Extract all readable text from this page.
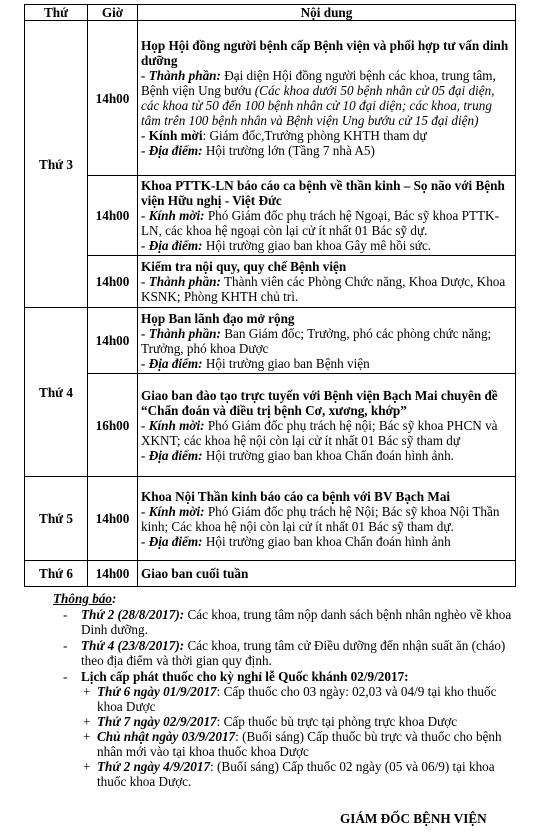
Thứ	Giờ	Nội dung
Thứ 3	14h00	Họp Hội đồng người bệnh cấp Bệnh viện và phối hợp tư vấn dinh dưỡng
- Thành phần: Đại diện Hội đồng người bệnh các khoa, trung tâm, Bệnh viện Ung bướu (Các khoa dưới 50 bệnh nhân cử 05 đại diện, các khoa từ 50 đến 100 bệnh nhân cử 10 đại diện; các khoa, trung tâm trên 100 bệnh nhân và Bệnh viện Ung bướu cử 15 đại diện)
- Kính mời: Giám đốc,Trưởng phòng KHTH tham dự
- Địa điểm: Hội trường lớn (Tầng 7 nhà A5)

	14h00	Khoa PTTK-LN báo cáo ca bệnh về thần kinh – Sọ não với Bệnh viện Hữu nghị - Việt Đức
- Kính mời: Phó Giám đốc phụ trách hệ Ngoại, Bác sỹ khoa PTTK-LN, các khoa hệ ngoại còn lại cử ít nhất 01 Bác sỹ dự.
- Địa điểm: Hội trường giao ban khoa Gây mê hồi sức.

	14h00	Kiểm tra nội quy, quy chế Bệnh viện
- Thành phần: Thành viên các Phòng Chức năng, Khoa Dược, Khoa KSNK; Phòng KHTH chủ trì.

Thứ 4	14h00	Họp Ban lãnh đạo mở rộng
- Thành phần: Ban Giám đốc; Trưởng, phó các phòng chức năng; Trưởng, phó khoa Dược
- Địa điểm: Hội trường giao ban Bệnh viện

	16h00	Giao ban đào tạo trực tuyến với Bệnh viện Bạch Mai chuyên đề “Chẩn đoán và điều trị bệnh Cơ, xương, khớp”
- Kính mời: Phó Giám đốc phụ trách hệ nội; Bác sỹ khoa PHCN và XKNT; các khoa hệ nội còn lại cử ít nhất 01 Bác sỹ tham dự
- Địa điểm: Hội trường giao ban khoa Chẩn đoán hình ảnh.

Thứ 5	14h00	Khoa Nội Thần kinh báo cáo ca bệnh với BV Bạch Mai
- Kính mời: Phó Giám đốc phụ trách hệ Nội; Bác sỹ khoa Nội Thần kinh; Các khoa hệ nội còn lại cử ít nhất 01 Bác sỹ tham dự.
- Địa điểm: Hội trường giao ban khoa Chẩn đoán hình ảnh

Thứ 6	14h00	Giao ban cuối tuần
Thông báo:
- Thứ 2 (28/8/2017): Các khoa, trung tâm nộp danh sách bệnh nhân nghèo về khoa Dinh dưỡng.
- Thứ 4 (23/8/2017): Các khoa, trung tâm cử Điều dưỡng đến nhận suất ăn (cháo) theo địa điểm và thời gian quy định.
- Lịch cấp phát thuốc cho kỳ nghỉ lễ Quốc khánh 02/9/2017:
+ Thứ 6 ngày 01/9/2017: Cấp thuốc cho 03 ngày: 02,03 và 04/9 tại kho thuốc khoa Dược
+ Thứ 7 ngày 02/9/2017: Cấp thuốc bù trực tại phòng trực khoa Dược
+ Chủ nhật ngày 03/9/2017: (Buổi sáng) Cấp thuốc bù trực và thuốc cho bệnh nhân mới vào tại khoa thuốc khoa Dược
+ Thứ 2 ngày 4/9/2017: (Buổi sáng) Cấp thuốc 02 ngày (05 và 06/9) tại khoa thuốc khoa Dược.
GIÁM ĐỐC BỆNH VIỆN
